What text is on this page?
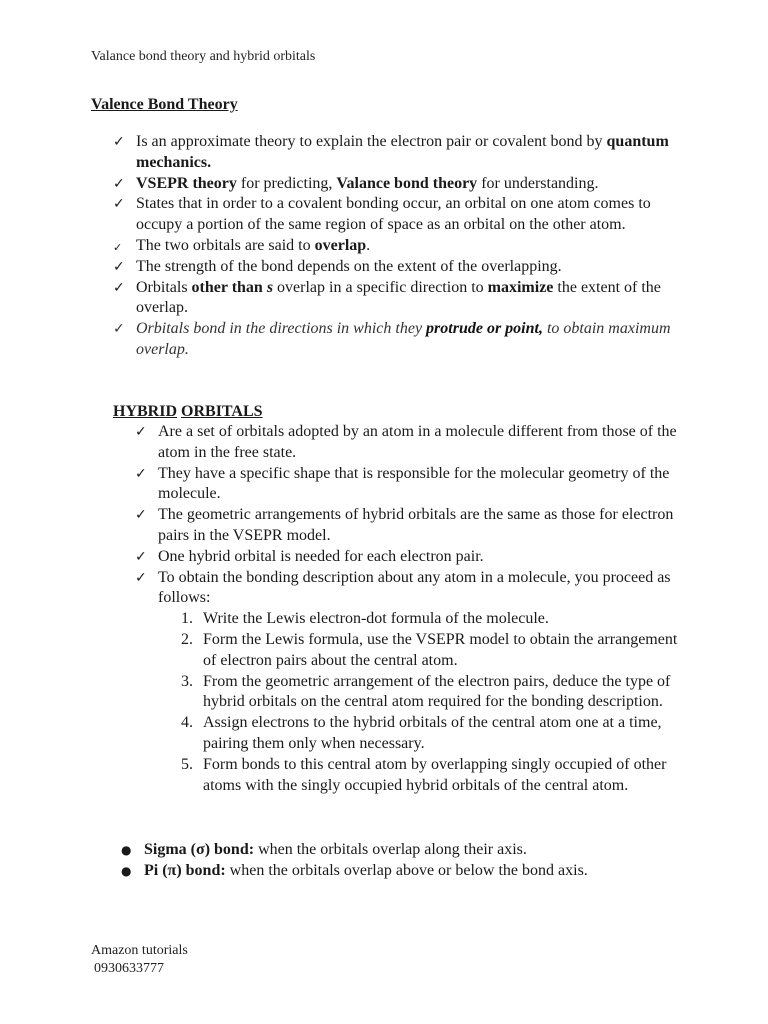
Valance bond theory and hybrid orbitals
Valence Bond Theory
✓ Is an approximate theory to explain the electron pair or covalent bond by quantum mechanics.
✓ VSEPR theory for predicting, Valance bond theory for understanding.
✓ States that in order to a covalent bonding occur, an orbital on one atom comes to occupy a portion of the same region of space as an orbital on the other atom.
✓ The two orbitals are said to overlap.
✓ The strength of the bond depends on the extent of the overlapping.
✓ Orbitals other than s overlap in a specific direction to maximize the extent of the overlap.
✓ Orbitals bond in the directions in which they protrude or point, to obtain maximum overlap.
HYBRID ORBITALS
✓ Are a set of orbitals adopted by an atom in a molecule different from those of the atom in the free state.
✓ They have a specific shape that is responsible for the molecular geometry of the molecule.
✓ The geometric arrangements of hybrid orbitals are the same as those for electron pairs in the VSEPR model.
✓ One hybrid orbital is needed for each electron pair.
✓ To obtain the bonding description about any atom in a molecule, you proceed as follows:
1. Write the Lewis electron-dot formula of the molecule.
2. Form the Lewis formula, use the VSEPR model to obtain the arrangement of electron pairs about the central atom.
3. From the geometric arrangement of the electron pairs, deduce the type of hybrid orbitals on the central atom required for the bonding description.
4. Assign electrons to the hybrid orbitals of the central atom one at a time, pairing them only when necessary.
5. Form bonds to this central atom by overlapping singly occupied of other atoms with the singly occupied hybrid orbitals of the central atom.
● Sigma (σ) bond: when the orbitals overlap along their axis.
● Pi (π) bond: when the orbitals overlap above or below the bond axis.
Amazon tutorials
0930633777
